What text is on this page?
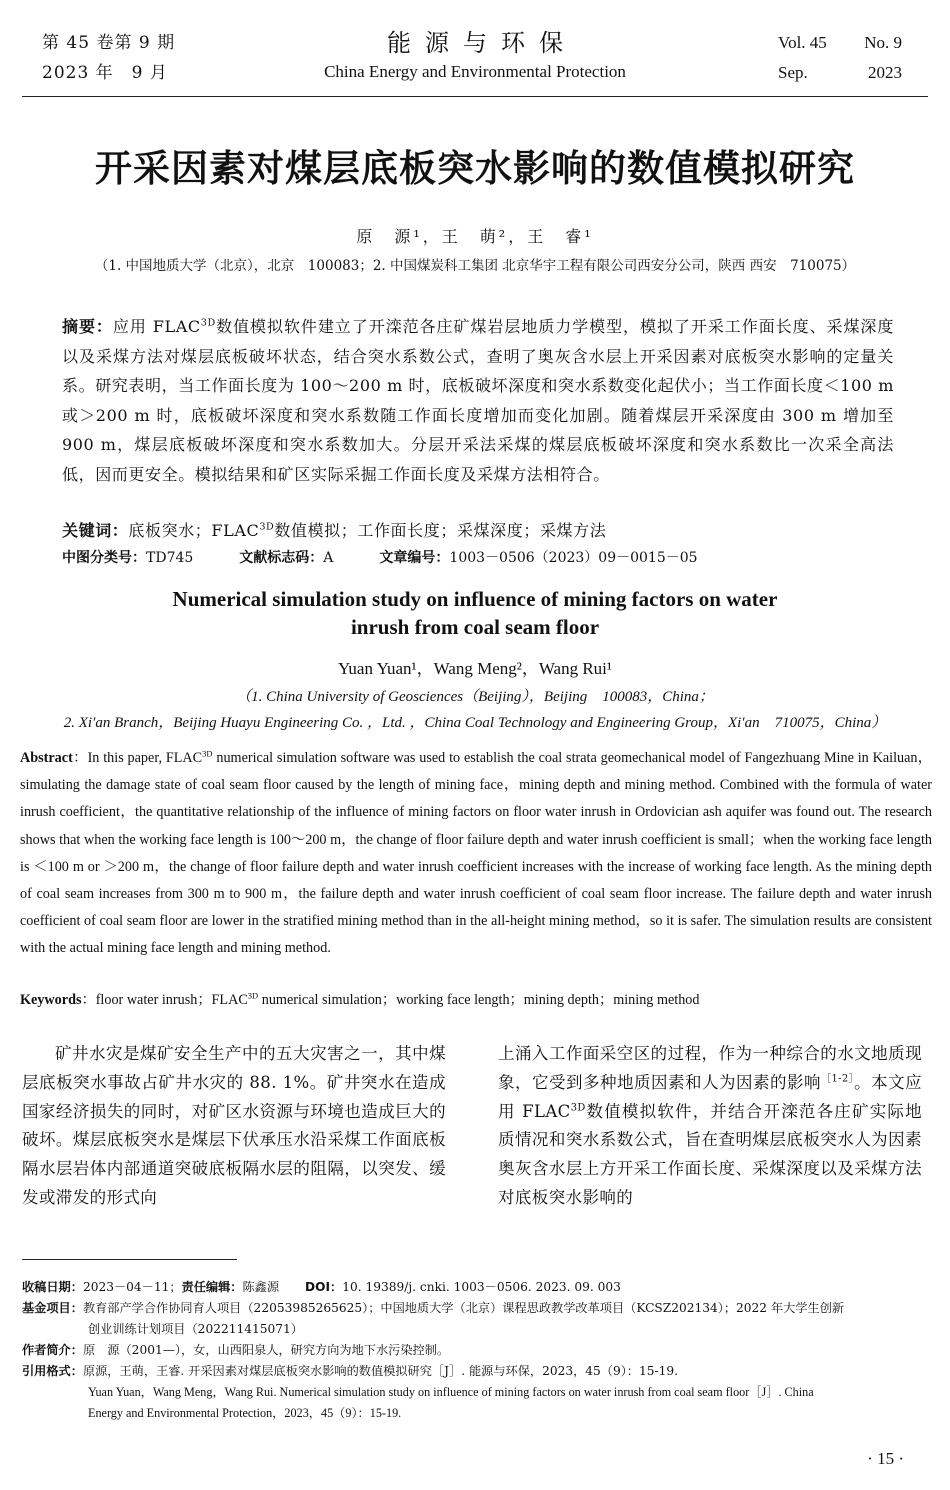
第 45 卷第 9 期
2023 年　9 月
能源与环保
China Energy and Environmental Protection
Vol. 45 No. 9
Sep.	2023
开采因素对煤层底板突水影响的数值模拟研究
原　源¹，王　萌²，王　睿¹
（1. 中国地质大学（北京），北京　100083；2. 中国煤炭科工集团 北京华宇工程有限公司西安分公司，陕西 西安　710075）
摘要：应用 $FLAC^{3D}$数值模拟软件建立了开滦范各庄矿煤岩层地质力学模型，模拟了开采工作面长度、采煤深度以及采煤方法对煤层底板破坏状态，结合突水系数公式，查明了奥灰含水层上开采因素对底板突水影响的定量关系。研究表明，当工作面长度为 100～200 m 时，底板破坏深度和突水系数变化起伏小；当工作面长度＜100 m 或＞200 m 时，底板破坏深度和突水系数随工作面长度增加而变化加剧。随着煤层开采深度由 300 m 增加至 900 m，煤层底板破坏深度和突水系数加大。分层开采法采煤的煤层底板破坏深度和突水系数比一次采全高法低，因而更安全。模拟结果和矿区实际采掘工作面长度及采煤方法相符合。
关键词：底板突水；$FLAC^{3D}$数值模拟；工作面长度；采煤深度；采煤方法
中图分类号：TD745	文献标志码：A	文章编号：1003－0506（2023）09－0015－05
Numerical simulation study on influence of mining factors on water
inrush from coal seam floor
Yuan Yuan¹，Wang Meng²，Wang Rui¹
（1. China University of Geosciences（Beijing），Beijing　100083，China；
2. Xi′an Branch，Beijing Huayu Engineering Co. ，Ltd. ，China Coal Technology and Engineering Group，Xi′an　710075，China）
Abstract：In this paper, $FLAC^{3D}$ numerical simulation software was used to establish the coal strata geomechanical model of Fangezhuang Mine in Kailuan，simulating the damage state of coal seam floor caused by the length of mining face，mining depth and mining method. Combined with the formula of water inrush coefficient，the quantitative relationship of the influence of mining factors on floor water inrush in Ordovician ash aquifer was found out. The research shows that when the working face length is 100～200 m，the change of floor failure depth and water inrush coefficient is small；when the working face length is ＜100 m or ＞200 m，the change of floor failure depth and water inrush coefficient increases with the increase of working face length. As the mining depth of coal seam increases from 300 m to 900 m，the failure depth and water inrush coefficient of coal seam floor increase. The failure depth and water inrush coefficient of coal seam floor are lower in the stratified mining method than in the all-height mining method，so it is safer. The simulation results are consistent with the actual mining face length and mining method.
Keywords：floor water inrush；$FLAC^{3D}$ numerical simulation；working face length；mining depth；mining method

矿井水灾是煤矿安全生产中的五大灾害之一，其中煤层底板突水事故占矿井水灾的 88. 1%。矿井突水在造成国家经济损失的同时，对矿区水资源与环境也造成巨大的破坏。煤层底板突水是煤层下伏承压水沿采煤工作面底板隔水层岩体内部通道突破底板隔水层的阻隔，以突发、缓发或滞发的形式向

上涌入工作面采空区的过程，作为一种综合的水文地质现象，它受到多种地质因素和人为因素的影响$^{[1-2]}$。本文应用 $FLAC^{3D}$数值模拟软件，并结合开滦范各庄矿实际地质情况和突水系数公式，旨在查明煤层底板突水人为因素奥灰含水层上方开采工作面长度、采煤深度以及采煤方法对底板突水影响的

收稿日期： 2023－04－11； 责任编辑： 陈鑫源 DOI： 10. 19389/j. cnki. 1003－0506. 2023. 09. 003
基金项目： 教育部产学合作协同育人项目（22053985265625）；中国地质大学（北京）课程思政教学改革项目（KCSZ202134）；2022 年大学生创新
创业训练计划项目（202211415071）
作者简介： 原　源（2001—），女，山西阳泉人，研究方向为地下水污染控制。
引用格式： 原源，王萌，王睿. 开采因素对煤层底板突水影响的数值模拟研究［J］. 能源与环保，2023，45（9）：15-19.
Yuan Yuan，Wang Meng，Wang Rui. Numerical simulation study on influence of mining factors on water inrush from coal seam floor［J］. China
Energy and Environmental Protection，2023，45（9）：15-19.
· 15 ·
